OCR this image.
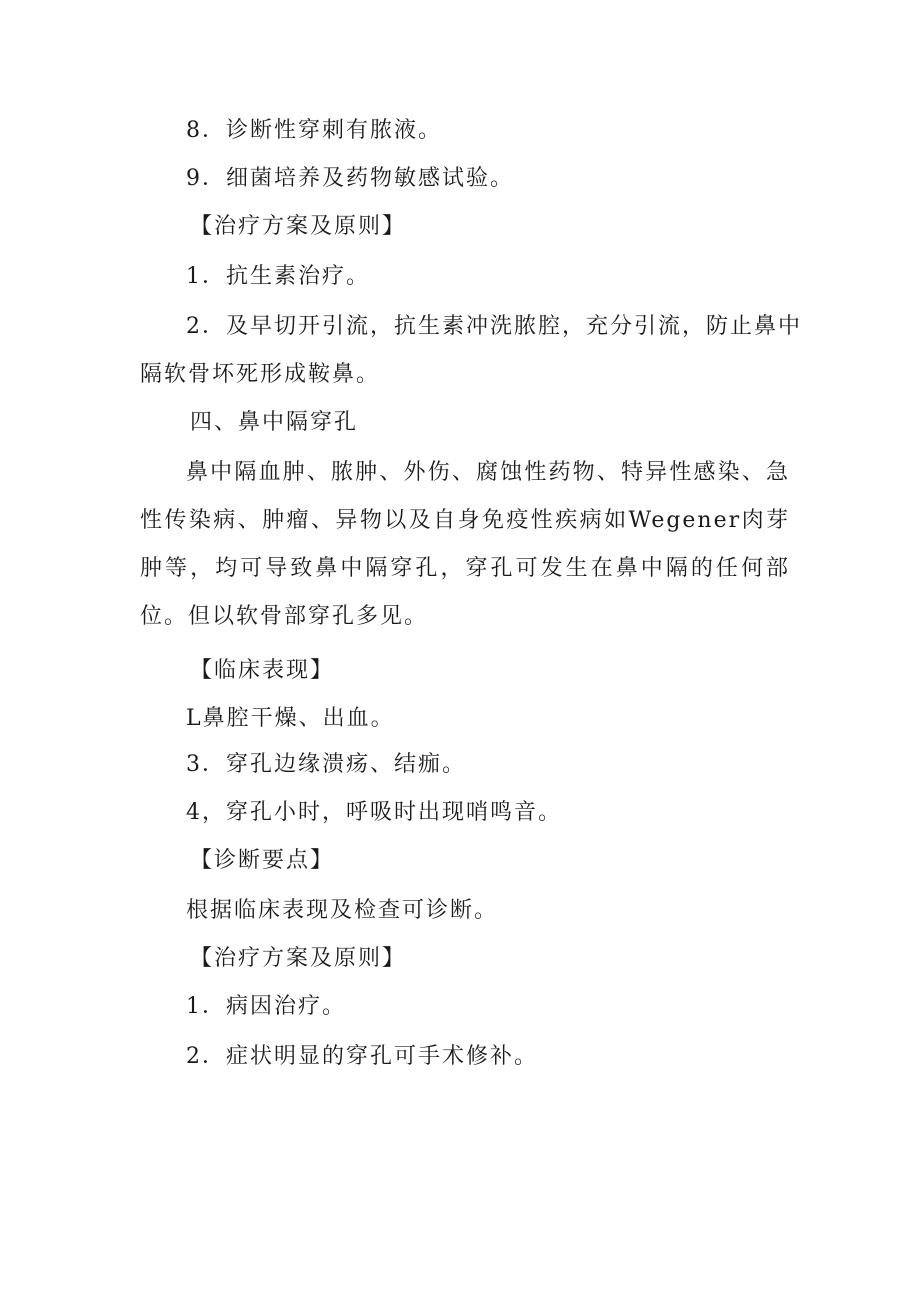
8．诊断性穿刺有脓液。
9．细菌培养及药物敏感试验。
【治疗方案及原则】
1．抗生素治疗。
2．及早切开引流，抗生素冲洗脓腔，充分引流，防止鼻中
隔软骨坏死形成鞍鼻。
四、鼻中隔穿孔
鼻中隔血肿、脓肿、外伤、腐蚀性药物、特异性感染、急性传染病、肿瘤、异物以及自身免疫性疾病如Wegener肉芽肿等，均可导致鼻中隔穿孔，穿孔可发生在鼻中隔的任何部位。但以软骨部穿孔多见。
【临床表现】
L鼻腔干燥、出血。
3．穿孔边缘溃疡、结痂。
4，穿孔小时，呼吸时出现哨鸣音。
【诊断要点】
根据临床表现及检查可诊断。
【治疗方案及原则】
1．病因治疗。
2．症状明显的穿孔可手术修补。
